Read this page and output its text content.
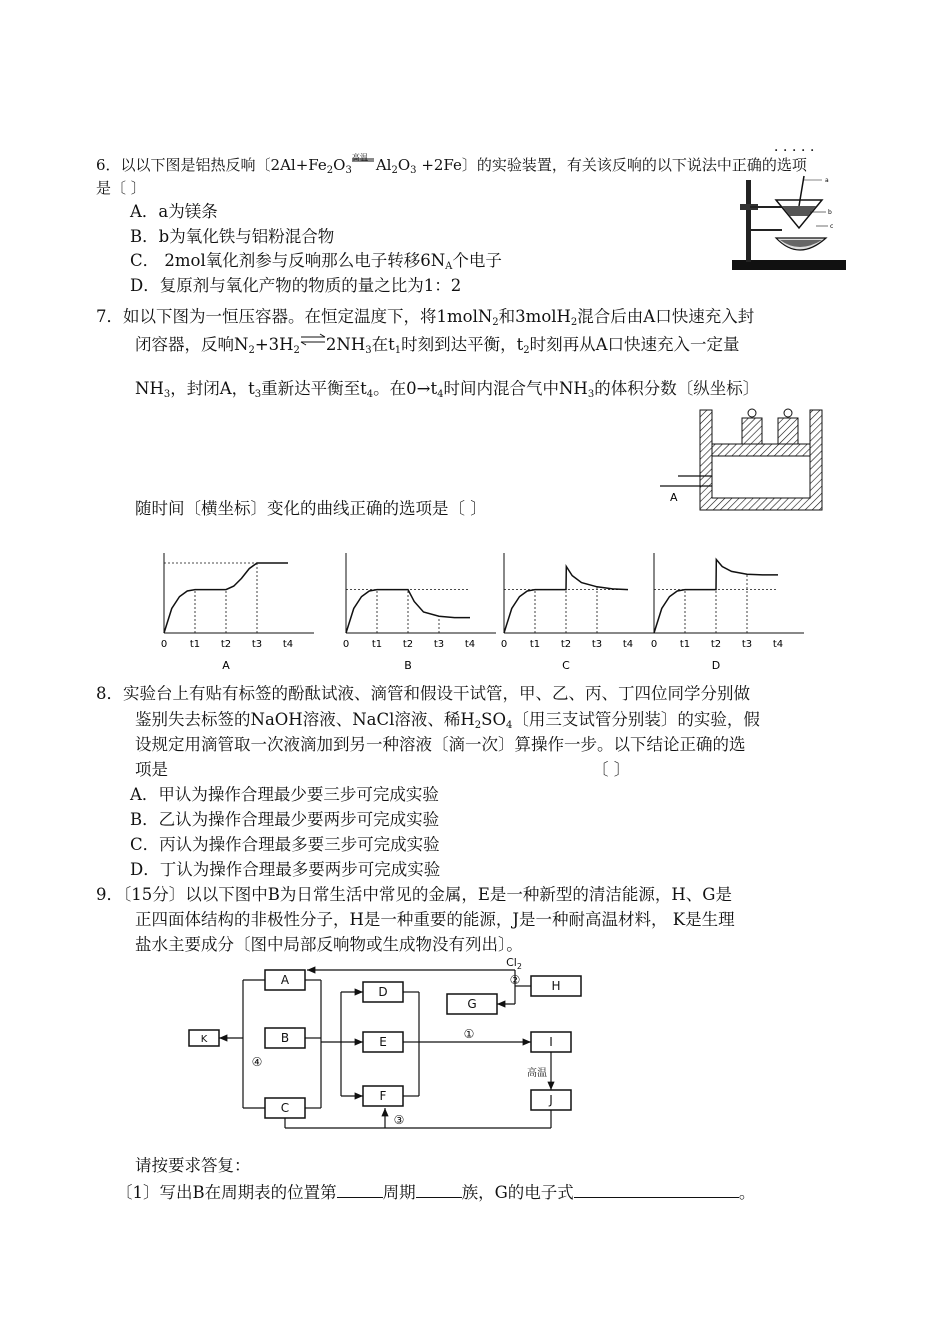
．．．．．
6．以以下图是铝热反响〔$2Al+Fe_2O_3$
高温 $Al_2O_3 +2Fe$〕的实验装置，有关该反响的以下说法中正确的选项
是〔 〕
A．a为镁条
B．b为氧化铁与铝粉混合物
C． 2mol氧化剂参与反响那么电子转移$6N_A$个电子
D．复原剂与氧化产物的物质的量之比为1：2
a
b
c
7．如以下图为一恒压容器。在恒定温度下，将1molN$_2$和3molH$_2$混合后由A口快速充入封
闭容器，反响$N_2+3H_2$ $\rightleftharpoons 2NH_3$在$t_1$时刻到达平衡，$t_2$时刻再从A口快速充入一定量
$NH_3$，封闭A，$t_3$重新达平衡至$t_4$。在$0\to t_4$时间内混合气中$NH_3$的体积分数〔纵坐标〕
随时间〔横坐标〕变化的曲线正确的选项是〔 〕
A
0 t1 t2 t3 t4
A
0 t1 t2 t3 t4
B
0 t1 t2 t3 t4
C
0 t1 t2 t3 t4
D
8．实验台上有贴有标签的酚酞试液、滴管和假设干试管，甲、乙、丙、丁四位同学分别做
鉴别失去标签的NaOH溶液、NaCl溶液、稀$H_2SO_4$〔用三支试管分别装〕的实验，假
设规定用滴管取一次液滴加到另一种溶液〔滴一次〕算操作一步。以下结论正确的选
项是	〔 〕
A．甲认为操作合理最少要三步可完成实验
B．乙认为操作合理最少要两步可完成实验
C．丙认为操作合理最多要三步可完成实验
D．丁认为操作合理最多要两步可完成实验
9．〔15分〕以以下图中B为日常生活中常见的金属，E是一种新型的清洁能源，H、G是
正四面体结构的非极性分子，H是一种重要的能源，J是一种耐高温材料， K是生理
盐水主要成分〔图中局部反响物或生成物没有列出〕。
A
B
C
D
E
F
G
H
I
J
K
$Cl_2$
②
①
③
④
高温
请按要求答复：
〔1〕写出B在周期表的位置第	周期	族，G的电子式	。
